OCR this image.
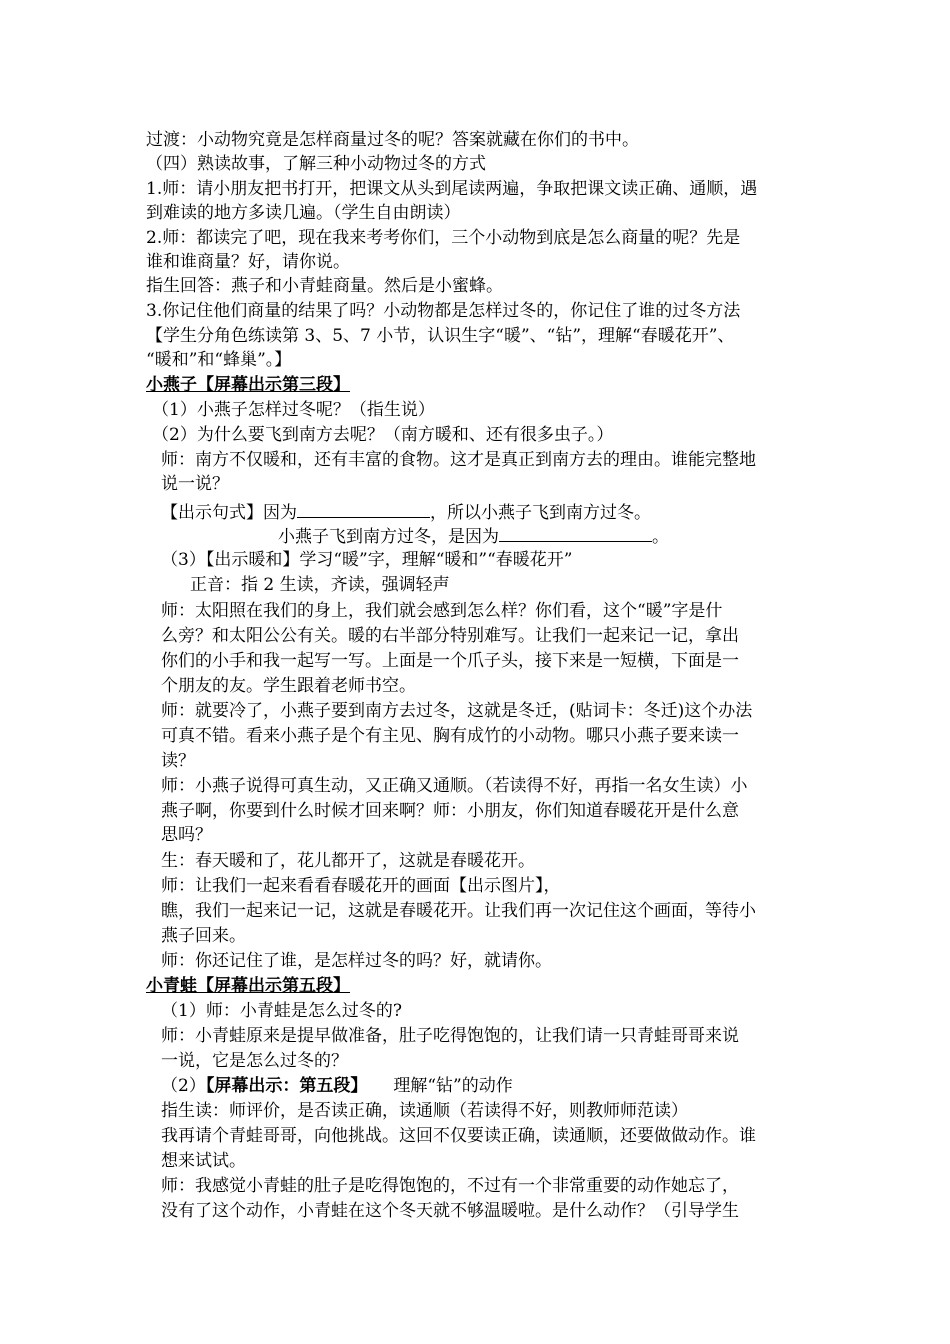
过渡：小动物究竟是怎样商量过冬的呢？答案就藏在你们的书中。
（四）熟读故事，了解三种小动物过冬的方式
1.师：请小朋友把书打开，把课文从头到尾读两遍，争取把课文读正确、通顺，遇
到难读的地方多读几遍。（学生自由朗读）
2.师：都读完了吧，现在我来考考你们，三个小动物到底是怎么商量的呢？先是
谁和谁商量？好，请你说。
指生回答：燕子和小青蛙商量。然后是小蜜蜂。
3.你记住他们商量的结果了吗？小动物都是怎样过冬的，你记住了谁的过冬方法
【学生分角色练读第 3、5、7 小节，认识生字“暖”、“钻”，理解“春暖花开”、
“暖和”和“蜂巢”。】
小燕子【屏幕出示第三段】
（1）小燕子怎样过冬呢？（指生说）
（2）为什么要飞到南方去呢？（南方暖和、还有很多虫子。）
师：南方不仅暖和，还有丰富的食物。这才是真正到南方去的理由。谁能完整地
说一说？
【出示句式】因为	，所以小燕子飞到南方过冬。
小燕子飞到南方过冬，是因为	。
（3）【出示暖和】学习“暖”字，理解“暖和”“春暖花开”
正音：指 2 生读，齐读，强调轻声
师：太阳照在我们的身上，我们就会感到怎么样？你们看，这个“暖”字是什
么旁？和太阳公公有关。暖的右半部分特别难写。让我们一起来记一记，拿出
你们的小手和我一起写一写。上面是一个爪子头，接下来是一短横，下面是一
个朋友的友。学生跟着老师书空。
师：就要冷了，小燕子要到南方去过冬，这就是冬迁，(贴词卡：冬迁)这个办法
可真不错。看来小燕子是个有主见、胸有成竹的小动物。哪只小燕子要来读一
读？
师：小燕子说得可真生动，又正确又通顺。（若读得不好，再指一名女生读）小
燕子啊，你要到什么时候才回来啊？师：小朋友，你们知道春暖花开是什么意
思吗？
生：春天暖和了，花儿都开了，这就是春暖花开。
师：让我们一起来看看春暖花开的画面【出示图片】，
瞧，我们一起来记一记，这就是春暖花开。让我们再一次记住这个画面，等待小
燕子回来。
师：你还记住了谁，是怎样过冬的吗？好，就请你。
小青蛙【屏幕出示第五段】
（1）师：小青蛙是怎么过冬的?
师：小青蛙原来是提早做准备，肚子吃得饱饱的，让我们请一只青蛙哥哥来说
一说，它是怎么过冬的？
（2）【屏幕出示：第五段】 理解“钻”的动作
指生读：师评价，是否读正确，读通顺（若读得不好，则教师师范读）
我再请个青蛙哥哥，向他挑战。这回不仅要读正确，读通顺，还要做做动作。谁
想来试试。
师：我感觉小青蛙的肚子是吃得饱饱的，不过有一个非常重要的动作她忘了，
没有了这个动作，小青蛙在这个冬天就不够温暖啦。是什么动作？（引导学生
